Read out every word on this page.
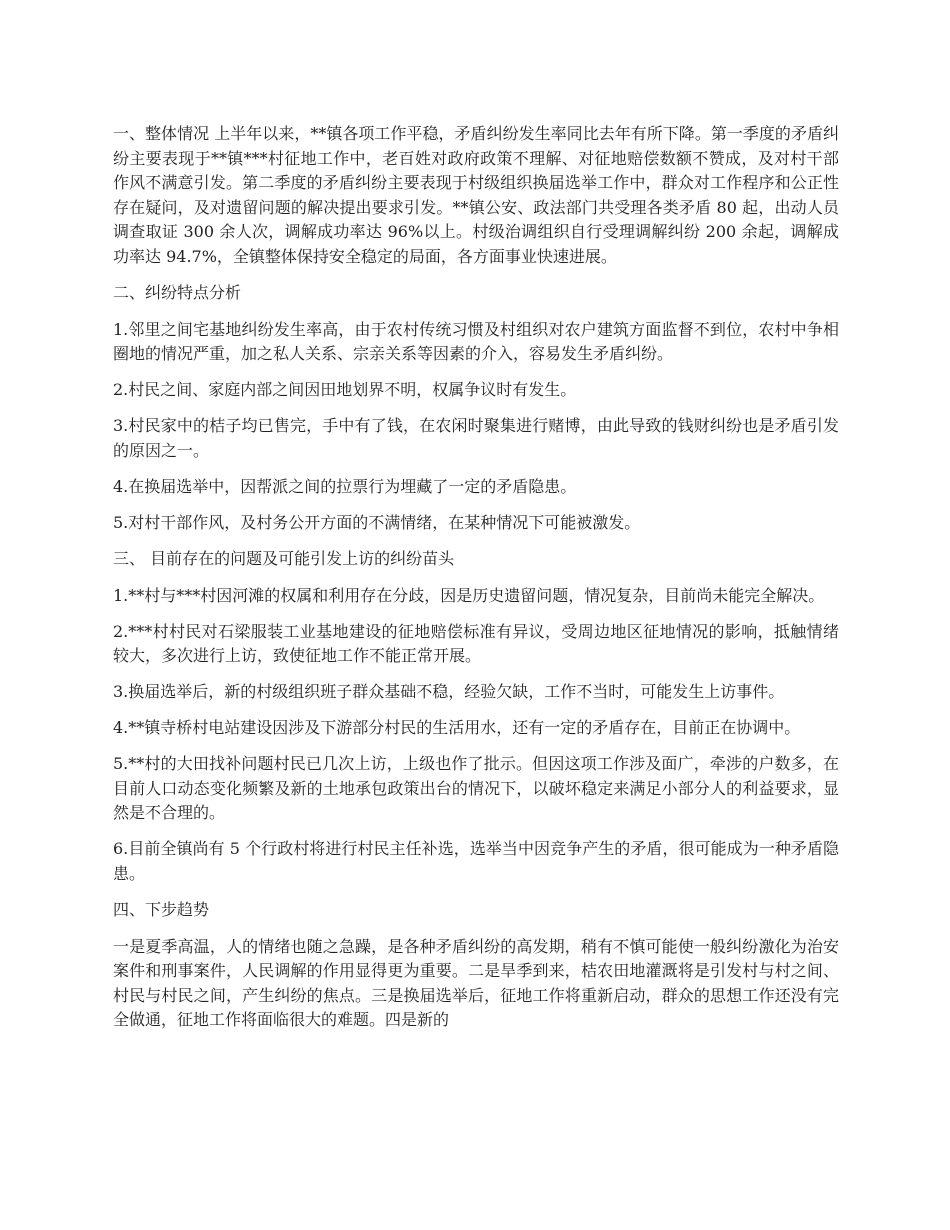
一、整体情况 上半年以来，**镇各项工作平稳，矛盾纠纷发生率同比去年有所下降。第一季度的矛盾纠纷主要表现于**镇***村征地工作中，老百姓对政府政策不理解、对征地赔偿数额不赞成，及对村干部作风不满意引发。第二季度的矛盾纠纷主要表现于村级组织换届选举工作中，群众对工作程序和公正性存在疑问，及对遗留问题的解决提出要求引发。**镇公安、政法部门共受理各类矛盾 80 起，出动人员调查取证 300 余人次，调解成功率达 96%以上。村级治调组织自行受理调解纠纷 200 余起，调解成功率达 94.7%，全镇整体保持安全稳定的局面，各方面事业快速进展。

二、纠纷特点分析

1.邻里之间宅基地纠纷发生率高，由于农村传统习惯及村组织对农户建筑方面监督不到位，农村中争相圈地的情况严重，加之私人关系、宗亲关系等因素的介入，容易发生矛盾纠纷。

2.村民之间、家庭内部之间因田地划界不明，权属争议时有发生。

3.村民家中的桔子均已售完，手中有了钱，在农闲时聚集进行赌博，由此导致的钱财纠纷也是矛盾引发的原因之一。

4.在换届选举中，因帮派之间的拉票行为埋藏了一定的矛盾隐患。

5.对村干部作风，及村务公开方面的不满情绪，在某种情况下可能被激发。

三、 目前存在的问题及可能引发上访的纠纷苗头

1.**村与***村因河滩的权属和利用存在分歧，因是历史遗留问题，情况复杂，目前尚未能完全解决。

2.***村村民对石梁服装工业基地建设的征地赔偿标准有异议，受周边地区征地情况的影响，抵触情绪较大，多次进行上访，致使征地工作不能正常开展。

3.换届选举后，新的村级组织班子群众基础不稳，经验欠缺，工作不当时，可能发生上访事件。

4.**镇寺桥村电站建设因涉及下游部分村民的生活用水，还有一定的矛盾存在，目前正在协调中。

5.**村的大田找补问题村民已几次上访，上级也作了批示。但因这项工作涉及面广，牵涉的户数多，在目前人口动态变化频繁及新的土地承包政策出台的情况下，以破坏稳定来满足小部分人的利益要求，显然是不合理的。

6.目前全镇尚有 5 个行政村将进行村民主任补选，选举当中因竞争产生的矛盾，很可能成为一种矛盾隐患。

四、下步趋势

一是夏季高温，人的情绪也随之急躁，是各种矛盾纠纷的高发期，稍有不慎可能使一般纠纷激化为治安案件和刑事案件，人民调解的作用显得更为重要。二是旱季到来，桔农田地灌溉将是引发村与村之间、村民与村民之间，产生纠纷的焦点。三是换届选举后，征地工作将重新启动，群众的思想工作还没有完全做通，征地工作将面临很大的难题。四是新的
